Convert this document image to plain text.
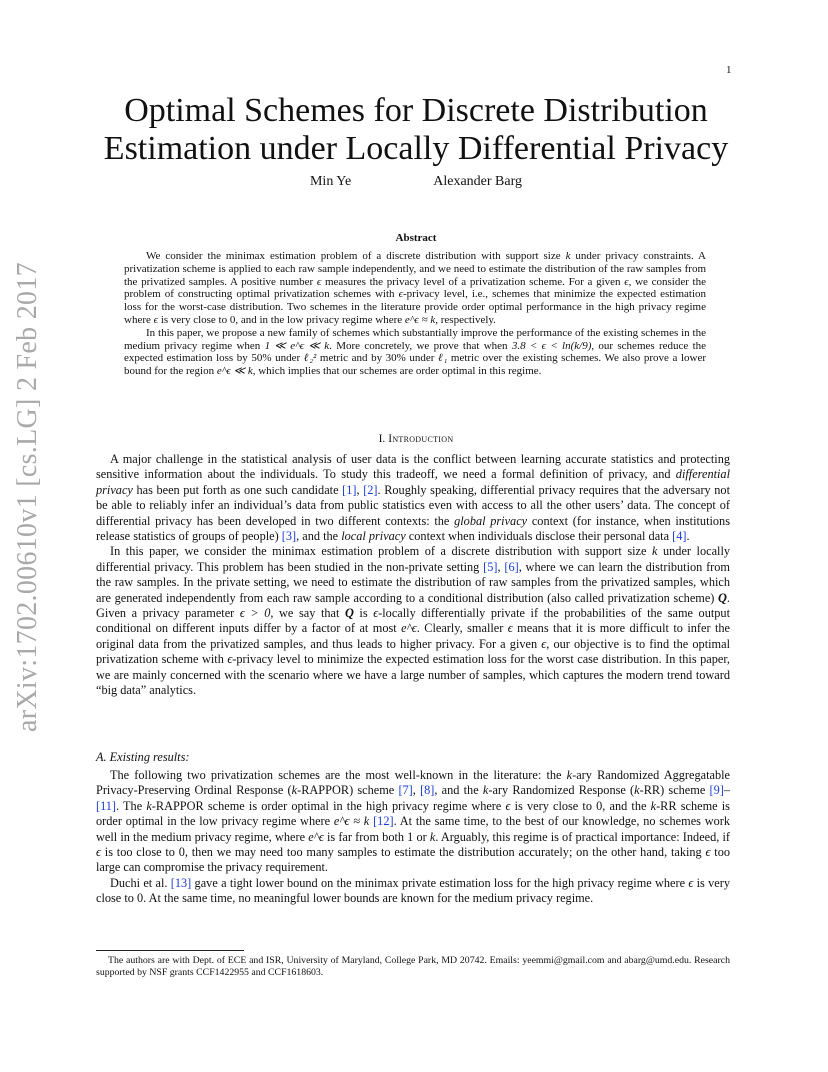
1
arXiv:1702.00610v1 [cs.LG] 2 Feb 2017
Optimal Schemes for Discrete Distribution
Estimation under Locally Differential Privacy
Min Ye	Alexander Barg
Abstract

We consider the minimax estimation problem of a discrete distribution with support size k under privacy constraints. A privatization scheme is applied to each raw sample independently, and we need to estimate the distribution of the raw samples from the privatized samples. A positive number ϵ measures the privacy level of a privatization scheme. For a given ϵ, we consider the problem of constructing optimal privatization schemes with ϵ-privacy level, i.e., schemes that minimize the expected estimation loss for the worst-case distribution. Two schemes in the literature provide order optimal performance in the high privacy regime where ϵ is very close to 0, and in the low privacy regime where e^ϵ ≈ k, respectively.

In this paper, we propose a new family of schemes which substantially improve the performance of the existing schemes in the medium privacy regime when 1 ≪ e^ϵ ≪ k. More concretely, we prove that when 3.8 < ϵ < ln(k/9), our schemes reduce the expected estimation loss by 50% under ℓ₂² metric and by 30% under ℓ₁ metric over the existing schemes. We also prove a lower bound for the region e^ϵ ≪ k, which implies that our schemes are order optimal in this regime.

I. Introduction

A major challenge in the statistical analysis of user data is the conflict between learning accurate statistics and protecting sensitive information about the individuals. To study this tradeoff, we need a formal definition of privacy, and differential privacy has been put forth as one such candidate [1], [2]. Roughly speaking, differential privacy requires that the adversary not be able to reliably infer an individual’s data from public statistics even with access to all the other users’ data. The concept of differential privacy has been developed in two different contexts: the global privacy context (for instance, when institutions release statistics of groups of people) [3], and the local privacy context when individuals disclose their personal data [4].

In this paper, we consider the minimax estimation problem of a discrete distribution with support size k under locally differential privacy. This problem has been studied in the non-private setting [5], [6], where we can learn the distribution from the raw samples. In the private setting, we need to estimate the distribution of raw samples from the privatized samples, which are generated independently from each raw sample according to a conditional distribution (also called privatization scheme) Q. Given a privacy parameter ϵ > 0, we say that Q is ϵ-locally differentially private if the probabilities of the same output conditional on different inputs differ by a factor of at most e^ϵ. Clearly, smaller ϵ means that it is more difficult to infer the original data from the privatized samples, and thus leads to higher privacy. For a given ϵ, our objective is to find the optimal privatization scheme with ϵ-privacy level to minimize the expected estimation loss for the worst case distribution. In this paper, we are mainly concerned with the scenario where we have a large number of samples, which captures the modern trend toward “big data” analytics.

A. Existing results:

The following two privatization schemes are the most well-known in the literature: the k-ary Randomized Aggregatable Privacy-Preserving Ordinal Response (k-RAPPOR) scheme [7], [8], and the k-ary Randomized Response (k-RR) scheme [9]–[11]. The k-RAPPOR scheme is order optimal in the high privacy regime where ϵ is very close to 0, and the k-RR scheme is order optimal in the low privacy regime where e^ϵ ≈ k [12]. At the same time, to the best of our knowledge, no schemes work well in the medium privacy regime, where e^ϵ is far from both 1 or k. Arguably, this regime is of practical importance: Indeed, if ϵ is too close to 0, then we may need too many samples to estimate the distribution accurately; on the other hand, taking ϵ too large can compromise the privacy requirement.

Duchi et al. [13] gave a tight lower bound on the minimax private estimation loss for the high privacy regime where ϵ is very close to 0. At the same time, no meaningful lower bounds are known for the medium privacy regime.

The authors are with Dept. of ECE and ISR, University of Maryland, College Park, MD 20742. Emails: yeemmi@gmail.com and abarg@umd.edu. Research supported by NSF grants CCF1422955 and CCF1618603.
